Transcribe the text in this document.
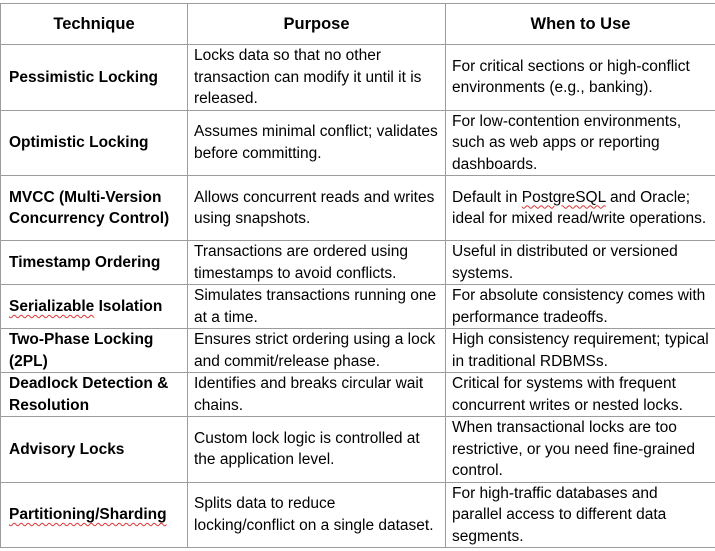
Technique	Purpose	When to Use
Pessimistic Locking	Locks data so that no other transaction can modify it until it is released.	For critical sections or high-conflict environments (e.g., banking).
Optimistic Locking	Assumes minimal conflict; validates before committing.	For low-contention environments, such as web apps or reporting dashboards.
MVCC (Multi-Version Concurrency Control)	Allows concurrent reads and writes using snapshots.	Default in PostgreSQL and Oracle; ideal for mixed read/write operations.
Timestamp Ordering	Transactions are ordered using timestamps to avoid conflicts.	Useful in distributed or versioned systems.
Serializable Isolation	Simulates transactions running one at a time.	For absolute consistency comes with performance tradeoffs.
Two-Phase Locking (2PL)	Ensures strict ordering using a lock and commit/release phase.	High consistency requirement; typical in traditional RDBMSs.
Deadlock Detection & Resolution	Identifies and breaks circular wait chains.	Critical for systems with frequent concurrent writes or nested locks.
Advisory Locks	Custom lock logic is controlled at the application level.	When transactional locks are too restrictive, or you need fine-grained control.
Partitioning/Sharding	Splits data to reduce locking/conflict on a single dataset.	For high-traffic databases and parallel access to different data segments.
